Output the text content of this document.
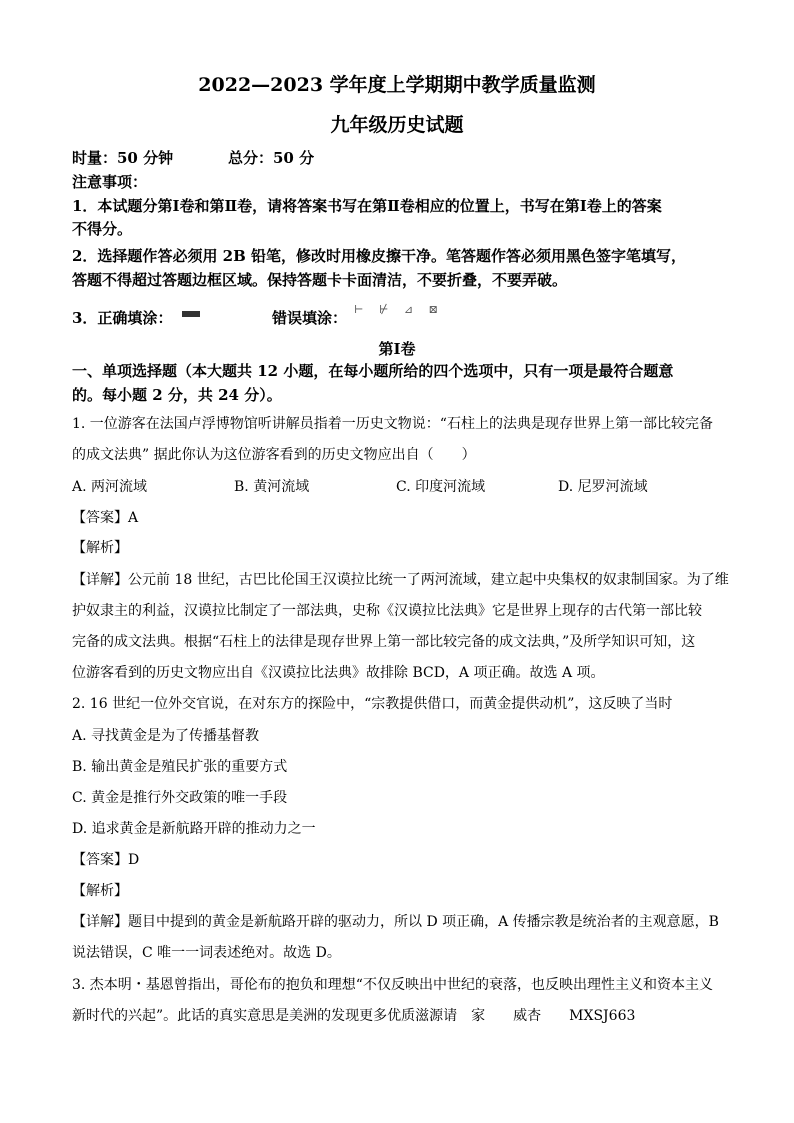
2022—2023 学年度上学期期中教学质量监测
九年级历史试题
时量：50 分钟	总分：50 分
注意事项：
1．本试题分第Ⅰ卷和第Ⅱ卷，请将答案书写在第Ⅱ卷相应的位置上，书写在第Ⅰ卷上的答案
不得分。
2．选择题作答必须用 2B 铅笔，修改时用橡皮擦干净。笔答题作答必须用黑色签字笔填写，
答题不得超过答题边框区域。保持答题卡卡面清洁，不要折叠，不要弄破。
3．正确填涂：	错误填涂： ⊢ ⊬ ⊿ ⊠
第Ⅰ卷
一、单项选择题（本大题共 12 小题，在每小题所给的四个选项中，只有一项是最符合题意
的。每小题 2 分，共 24 分）。
1. 一位游客在法国卢浮博物馆听讲解员指着一历史文物说：“石柱上的法典是现存世界上第一部比较完备
的成文法典” 据此你认为这位游客看到的历史文物应出自（　　）
A. 两河流域	B. 黄河流域	C. 印度河流域	D. 尼罗河流域
【答案】A
【解析】
【详解】公元前 18 世纪，古巴比伦国王汉谟拉比统一了两河流域，建立起中央集权的奴隶制国家。为了维
护奴隶主的利益，汉谟拉比制定了一部法典，史称《汉谟拉比法典》它是世界上现存的古代第一部比较
完备的成文法典。根据“石柱上的法律是现存世界上第一部比较完备的成文法典，”及所学知识可知，这
位游客看到的历史文物应出自《汉谟拉比法典》故排除 BCD，A 项正确。故选 A 项。
2. 16 世纪一位外交官说，在对东方的探险中，“宗教提供借口，而黄金提供动机”，这反映了当时
A. 寻找黄金是为了传播基督教
B. 输出黄金是殖民扩张的重要方式
C. 黄金是推行外交政策的唯一手段
D. 追求黄金是新航路开辟的推动力之一
【答案】D
【解析】
【详解】题目中提到的黄金是新航路开辟的驱动力，所以 D 项正确，A 传播宗教是统治者的主观意愿，B
说法错误，C 唯一一词表述绝对。故选 D。
3. 杰本明・基恩曾指出，哥伦布的抱负和理想“不仅反映出中世纪的衰落，也反映出理性主义和资本主义
新时代的兴起”。此话的真实意思是美洲的发现更多优质滋源请　家　　威杏　　MXSJ663
